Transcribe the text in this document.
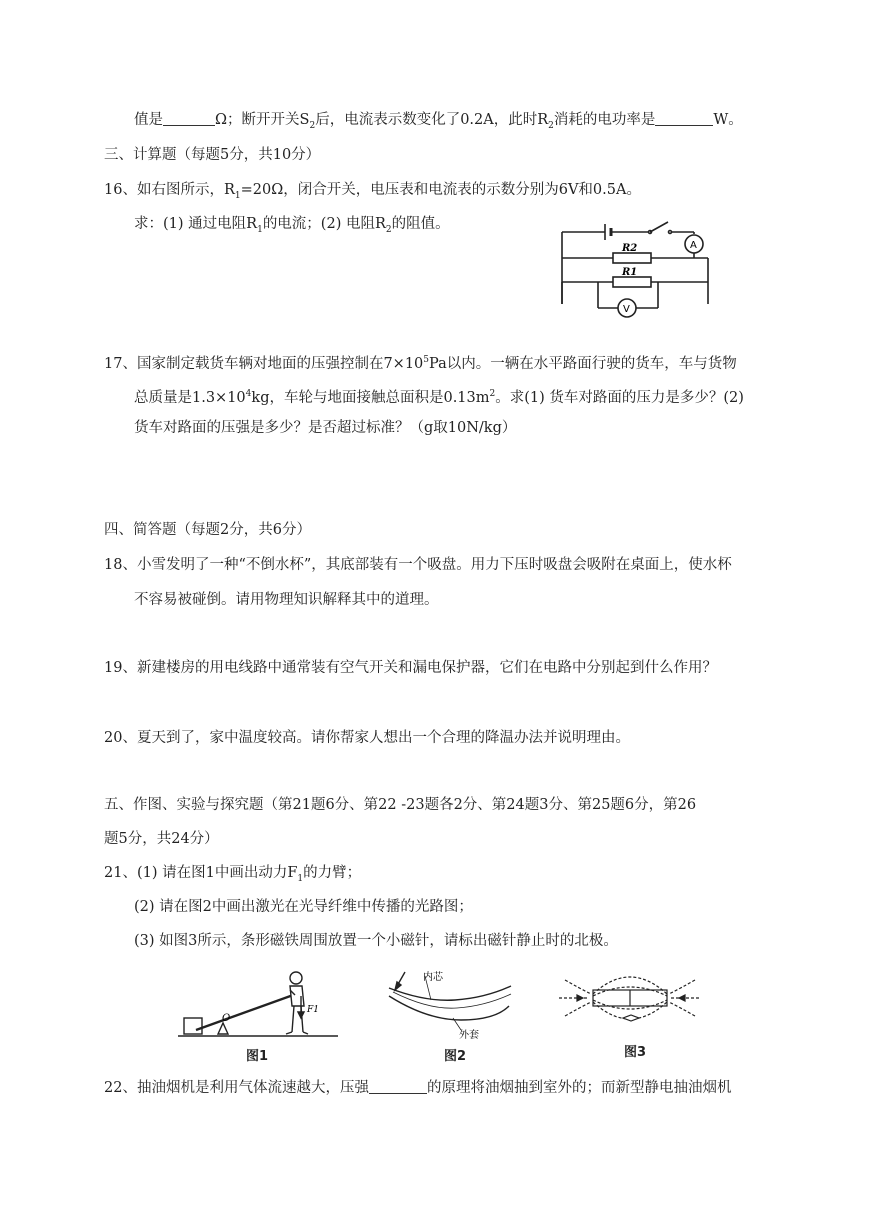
值是	Ω；断开开关$S_2$后，电流表示数变化了0.2A，此时$R_2$消耗的电功率是	W。
三、计算题（每题5分，共10分）
16、如右图所示，$R_1=20\Omega$，闭合开关，电压表和电流表的示数分别为6V和0.5A。
求：(1) 通过电阻$R_1$的电流；(2) 电阻$R_2$的阻值。
R2
R1
A
V
17、国家制定载货车辆对地面的压强控制在$7\times 10^5Pa$以内。一辆在水平路面行驶的货车，车与货物
总质量是$1.3\times 10^4kg$，车轮与地面接触总面积是$0.13m^2$。求(1) 货车对路面的压力是多少？(2)
货车对路面的压强是多少？是否超过标准？（g取10N/kg）
四、简答题（每题2分，共6分）
18、小雪发明了一种“不倒水杯”，其底部装有一个吸盘。用力下压时吸盘会吸附在桌面上，使水杯
不容易被碰倒。请用物理知识解释其中的道理。
19、新建楼房的用电线路中通常装有空气开关和漏电保护器，它们在电路中分别起到什么作用？
20、夏天到了，家中温度较高。请你帮家人想出一个合理的降温办法并说明理由。
五、作图、实验与探究题（第21题6分、第22 -23题各2分、第24题3分、第25题6分，第26
题5分，共24分）
21、(1) 请在图1中画出动力$F_1$的力臂；
(2) 请在图2中画出激光在光导纤维中传播的光路图；
(3) 如图3所示，条形磁铁周围放置一个小磁针，请标出磁针静止时的北极。
O
F1
图1
内芯
外套
图2	图3
22、抽油烟机是利用气体流速越大，压强	的原理将油烟抽到室外的；而新型静电抽油烟机
